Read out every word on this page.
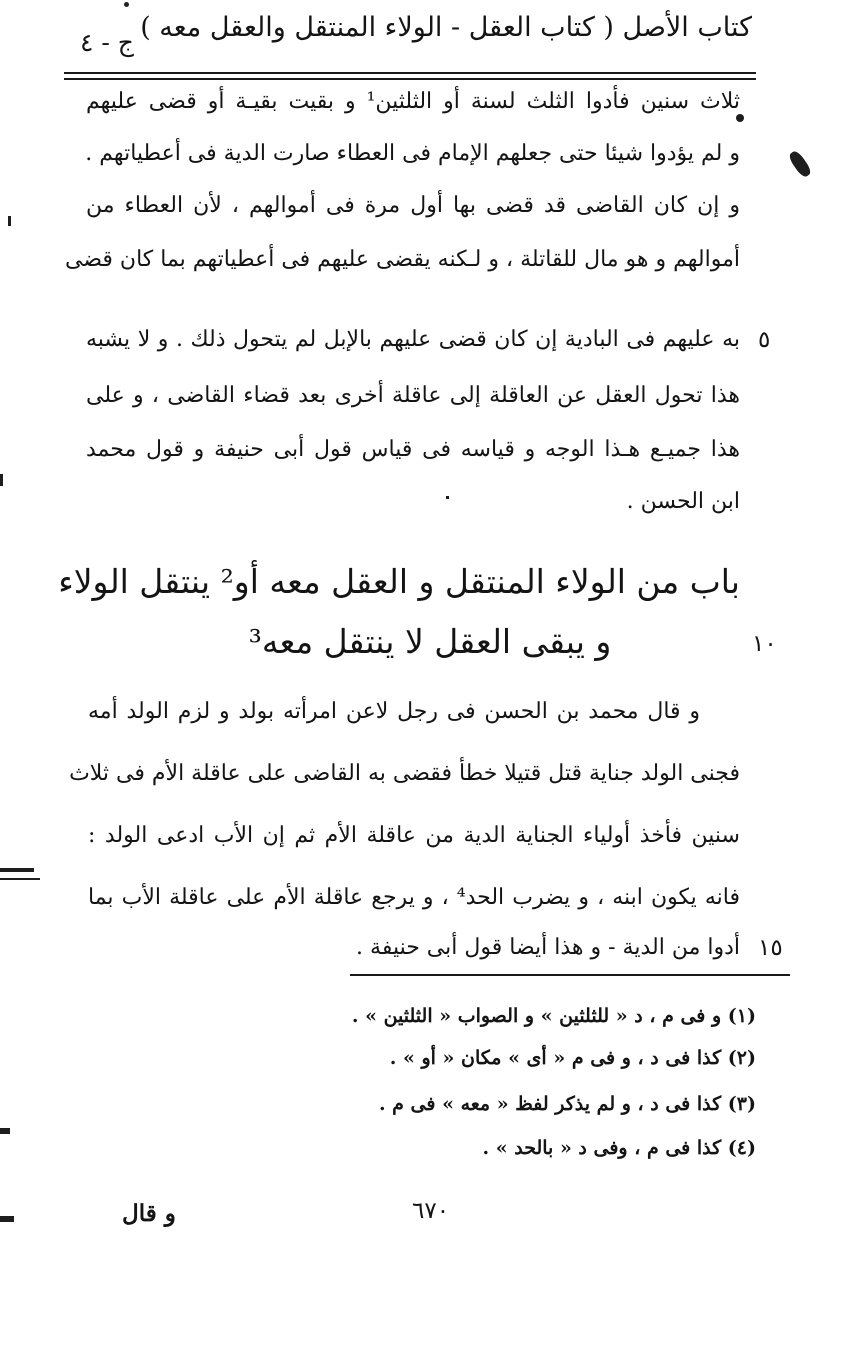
كتاب الأصل ( كتاب العقل - الولاء المنتقل والعقل معه )
ج - ٤
ثلاث سنين فأدوا الثلث لسنة أو الثلثين¹ و بقيت بقيـة أو قضى عليهم
و لم يؤدوا شيئا حتى جعلهم الإمام فى العطاء صارت الدية فى أعطياتهم .
و إن كان القاضى قد قضى بها أول مرة فى أموالهم ، لأن العطاء من
أموالهم و هو مال للقاتلة ، و لـكنه يقضى عليهم فى أعطياتهم بما كان قضى
به عليهم فى البادية إن كان قضى عليهم بالإبل لم يتحول ذلك . و لا يشبه
هذا تحول العقل عن العاقلة إلى عاقلة أخرى بعد قضاء القاضى ، و على
هذا جميـع هـذا الوجه و قياسه فى قياس قول أبى حنيفة و قول محمد
ابن الحسن .
٥
باب من الولاء المنتقل و العقل معه أو² ينتقل الولاء
و يبقى العقل لا ينتقل معه³	١٠
و قال محمد بن الحسن فى رجل لاعن امرأته بولد و لزم الولد أمه
فجنى الولد جناية قتل قتيلا خطأ فقضى به القاضى على عاقلة الأم فى ثلاث
سنين فأخذ أولياء الجناية الدية من عاقلة الأم ثم إن الأب ادعى الولد :
فانه يكون ابنه ، و يضرب الحد⁴ ، و يرجع عاقلة الأم على عاقلة الأب بما
أدوا من الدية - و هذا أيضا قول أبى حنيفة . ١٥
(١) و فى م ، د « للثلثين » و الصواب « الثلثين » .
(٢) كذا فى د ، و فى م « أى » مكان « أو » .
(٣) كذا فى د ، و لم يذكر لفظ « معه » فى م .
(٤) كذا فى م ، وفى د « بالحد » .
٦٧٠
و قال
